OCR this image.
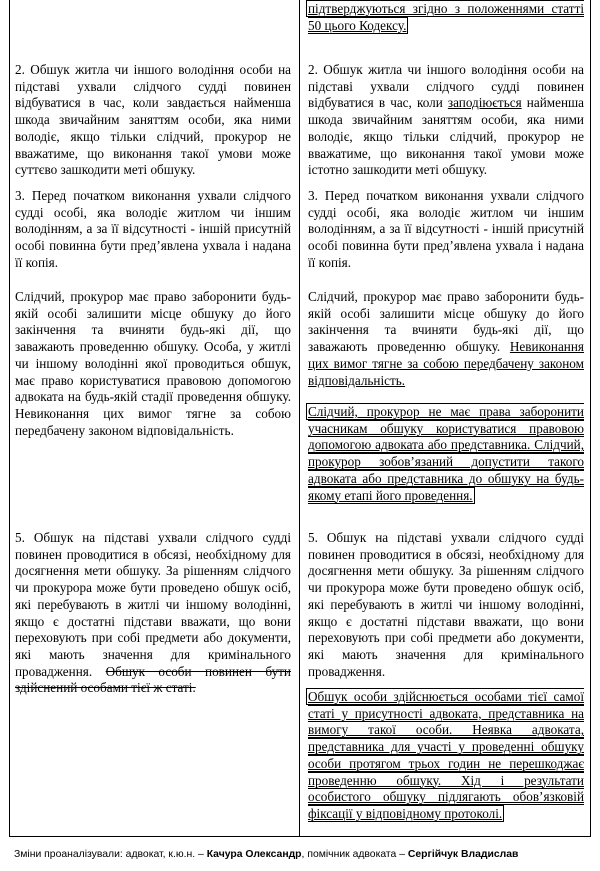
2. Обшук житла чи іншого володіння особи на підставі ухвали слідчого судді повинен відбуватися в час, коли завдається найменша шкода звичайним заняттям особи, яка ними володіє, якщо тільки слідчий, прокурор не вважатиме, що виконання такої умови може суттєво зашкодити меті обшуку.

3. Перед початком виконання ухвали слідчого судді особі, яка володіє житлом чи іншим володінням, а за її відсутності - іншій присутній особі повинна бути пред’явлена ухвала і надана її копія.

Слідчий, прокурор має право заборонити будь-якій особі залишити місце обшуку до його закінчення та вчиняти будь-які дії, що заважають проведенню обшуку. Особа, у житлі чи іншому володінні якої проводиться обшук, має право користуватися правовою допомогою адвоката на будь-якій стадії проведення обшуку. Невиконання цих вимог тягне за собою передбачену законом відповідальність.

5. Обшук на підставі ухвали слідчого судді повинен проводитися в обсязі, необхідному для досягнення мети обшуку. За рішенням слідчого чи прокурора може бути проведено обшук осіб, які перебувають в житлі чи іншому володінні, якщо є достатні підстави вважати, що вони переховують при собі предмети або документи, які мають значення для кримінального провадження. Обшук особи повинен бути здійснений особами тієї ж статі.

підтверджуються згідно з положеннями статті 50 цього Кодексу.

2. Обшук житла чи іншого володіння особи на підставі ухвали слідчого судді повинен відбуватися в час, коли заподіюється найменша шкода звичайним заняттям особи, яка ними володіє, якщо тільки слідчий, прокурор не вважатиме, що виконання такої умови може істотно зашкодити меті обшуку.

3. Перед початком виконання ухвали слідчого судді особі, яка володіє житлом чи іншим володінням, а за її відсутності - іншій присутній особі повинна бути пред’явлена ухвала і надана її копія.

Слідчий, прокурор має право заборонити будь-якій особі залишити місце обшуку до його закінчення та вчиняти будь-які дії, що заважають проведенню обшуку. Невиконання цих вимог тягне за собою передбачену законом відповідальність.

Слідчий, прокурор не має права заборонити учасникам обшуку користуватися правовою допомогою адвоката або представника. Слідчий, прокурор зобов’язаний допустити такого адвоката або представника до обшуку на будь-якому етапі його проведення.

5. Обшук на підставі ухвали слідчого судді повинен проводитися в обсязі, необхідному для досягнення мети обшуку. За рішенням слідчого чи прокурора може бути проведено обшук осіб, які перебувають в житлі чи іншому володінні, якщо є достатні підстави вважати, що вони переховують при собі предмети або документи, які мають значення для кримінального провадження.

Обшук особи здійснюється особами тієї самої статі у присутності адвоката, представника на вимогу такої особи. Неявка адвоката, представника для участі у проведенні обшуку особи протягом трьох годин не перешкоджає проведенню обшуку. Хід і результати особистого обшуку підлягають обов’язковій фіксації у відповідному протоколі.

Зміни проаналізували: адвокат, к.ю.н. – Качура Олександр, помічник адвоката – Сергійчук Владислав
